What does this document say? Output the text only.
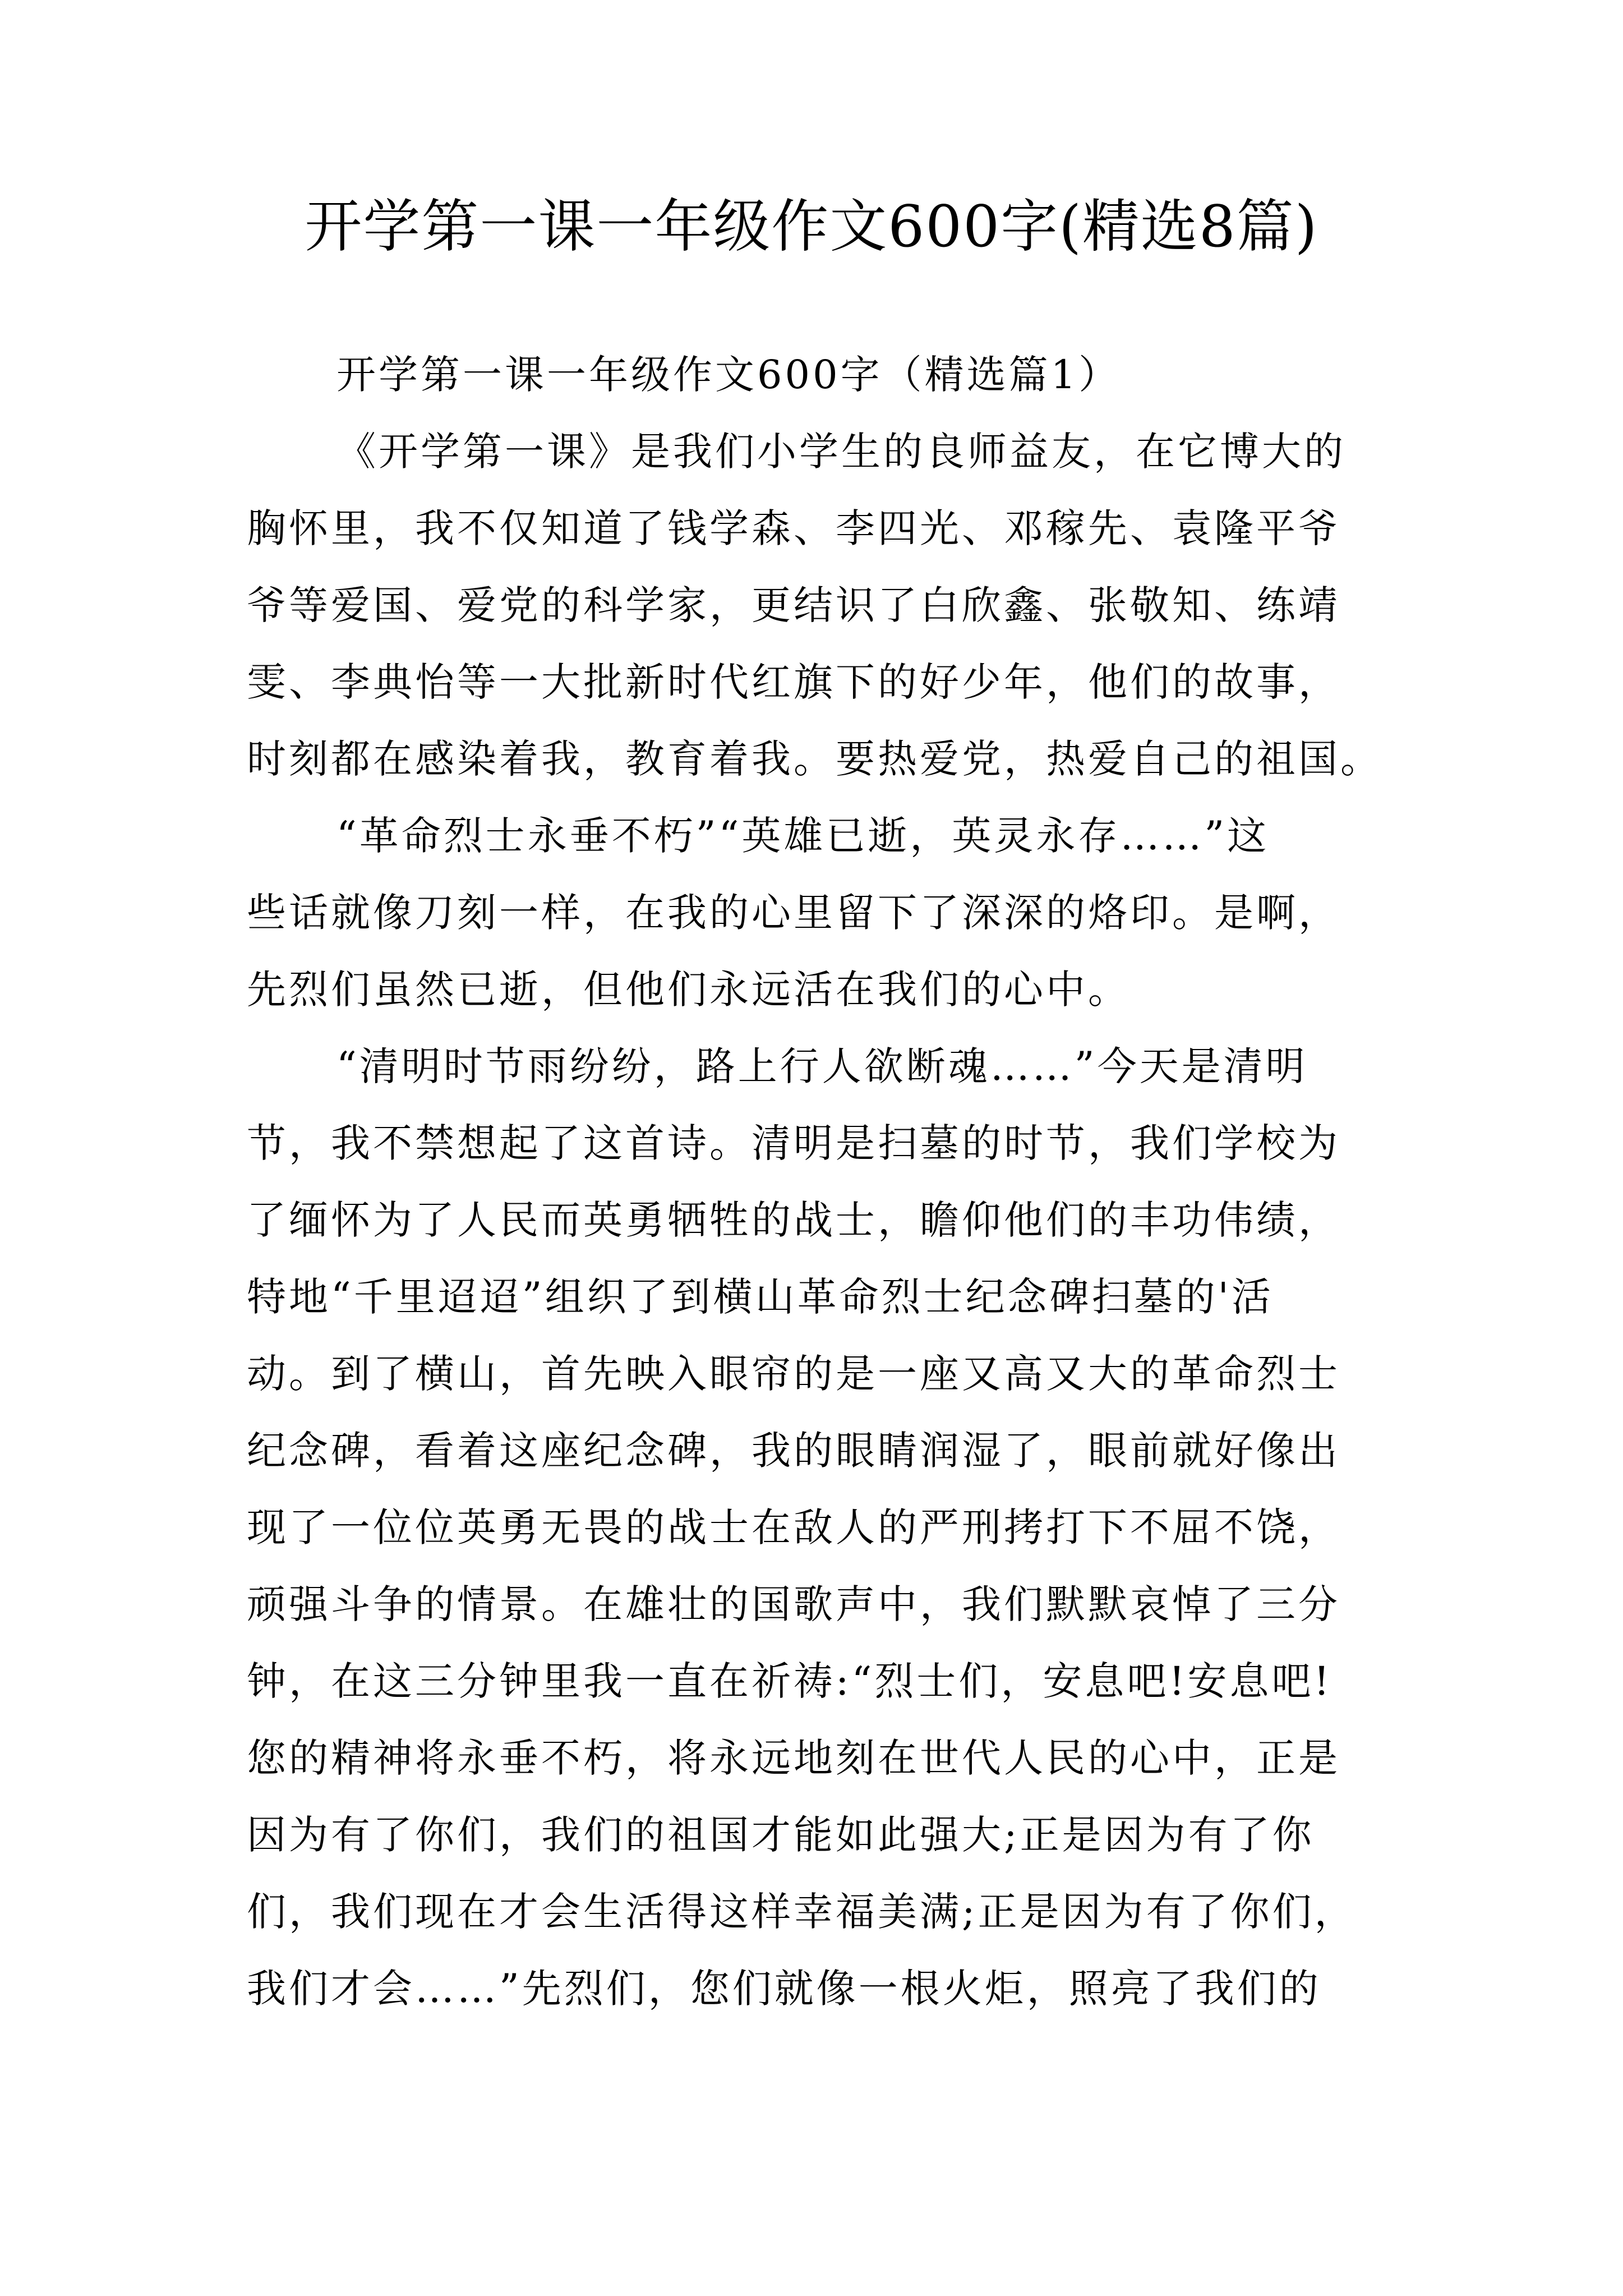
开学第一课一年级作文600字(精选8篇)
开学第一课一年级作文600字（精选篇1）
《开学第一课》是我们小学生的良师益友，在它博大的
胸怀里，我不仅知道了钱学森、李四光、邓稼先、袁隆平爷
爷等爱国、爱党的科学家，更结识了白欣鑫、张敬知、练靖
雯、李典怡等一大批新时代红旗下的好少年，他们的故事，
时刻都在感染着我，教育着我。要热爱党，热爱自己的祖国。
“革命烈士永垂不朽”“英雄已逝，英灵永存……”这
些话就像刀刻一样，在我的心里留下了深深的烙印。是啊，
先烈们虽然已逝，但他们永远活在我们的心中。
“清明时节雨纷纷，路上行人欲断魂……”今天是清明
节，我不禁想起了这首诗。清明是扫墓的时节，我们学校为
了缅怀为了人民而英勇牺牲的战士，瞻仰他们的丰功伟绩，
特地“千里迢迢”组织了到横山革命烈士纪念碑扫墓的'活
动。到了横山，首先映入眼帘的是一座又高又大的革命烈士
纪念碑，看着这座纪念碑，我的眼睛润湿了，眼前就好像出
现了一位位英勇无畏的战士在敌人的严刑拷打下不屈不饶，
顽强斗争的情景。在雄壮的国歌声中，我们默默哀悼了三分
钟，在这三分钟里我一直在祈祷:“烈士们，安息吧!安息吧!
您的精神将永垂不朽，将永远地刻在世代人民的心中，正是
因为有了你们，我们的祖国才能如此强大;正是因为有了你
们，我们现在才会生活得这样幸福美满;正是因为有了你们，
我们才会……”先烈们，您们就像一根火炬，照亮了我们的
